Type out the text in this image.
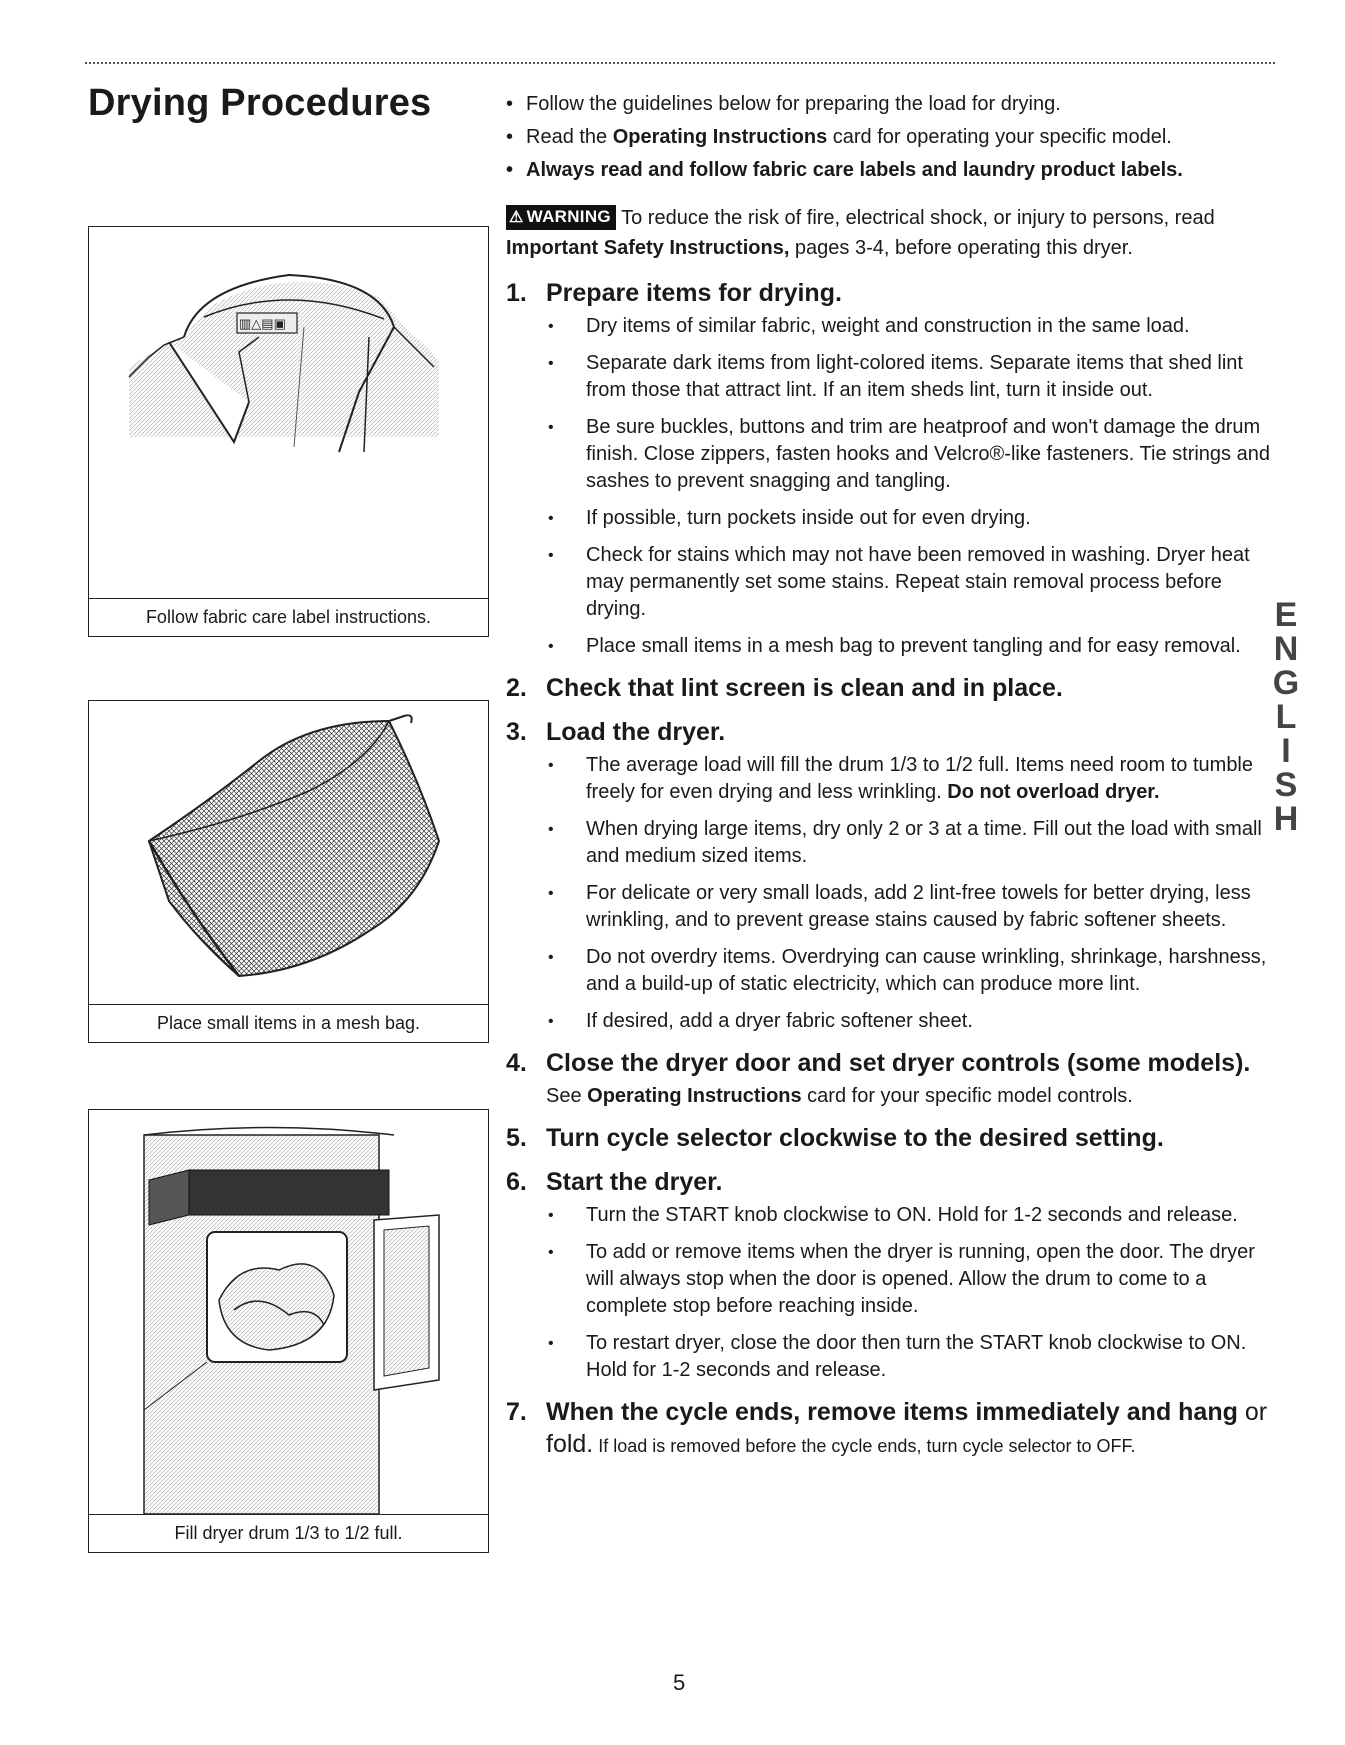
Drying Procedures
▥△▤▣
Follow fabric care label instructions.
Place small items in a mesh bag.
Fill dryer drum 1/3 to 1/2 full.
• Follow the guidelines below for preparing the load for drying.
• Read the Operating Instructions card for operating your specific model.
• Always read and follow fabric care labels and laundry product labels.
⚠ WARNING To reduce the risk of fire, electrical shock, or injury to persons, read Important Safety Instructions, pages 3-4, before operating this dryer.
1. Prepare items for drying.
• Dry items of similar fabric, weight and construction in the same load.
• Separate dark items from light-colored items. Separate items that shed lint from those that attract lint. If an item sheds lint, turn it inside out.
• Be sure buckles, buttons and trim are heatproof and won't damage the drum finish. Close zippers, fasten hooks and Velcro®-like fasteners. Tie strings and sashes to prevent snagging and tangling.
• If possible, turn pockets inside out for even drying.
• Check for stains which may not have been removed in washing. Dryer heat may permanently set some stains. Repeat stain removal process before drying.
• Place small items in a mesh bag to prevent tangling and for easy removal.
2. Check that lint screen is clean and in place.
3. Load the dryer.
• The average load will fill the drum 1/3 to 1/2 full. Items need room to tumble freely for even drying and less wrinkling. Do not overload dryer.
• When drying large items, dry only 2 or 3 at a time. Fill out the load with small and medium sized items.
• For delicate or very small loads, add 2 lint-free towels for better drying, less wrinkling, and to prevent grease stains caused by fabric softener sheets.
• Do not overdry items. Overdrying can cause wrinkling, shrinkage, harshness, and a build-up of static electricity, which can produce more lint.
• If desired, add a dryer fabric softener sheet.
4. Close the dryer door and set dryer controls (some models).
See Operating Instructions card for your specific model controls.
5. Turn cycle selector clockwise to the desired setting.
6. Start the dryer.
• Turn the START knob clockwise to ON. Hold for 1-2 seconds and release.
• To add or remove items when the dryer is running, open the door. The dryer will always stop when the door is opened. Allow the drum to come to a complete stop before reaching inside.
• To restart dryer, close the door then turn the START knob clockwise to ON. Hold for 1-2 seconds and release.
7. When the cycle ends, remove items immediately and hang or fold. If load is removed before the cycle ends, turn cycle selector to OFF.
ENGLISH
5
